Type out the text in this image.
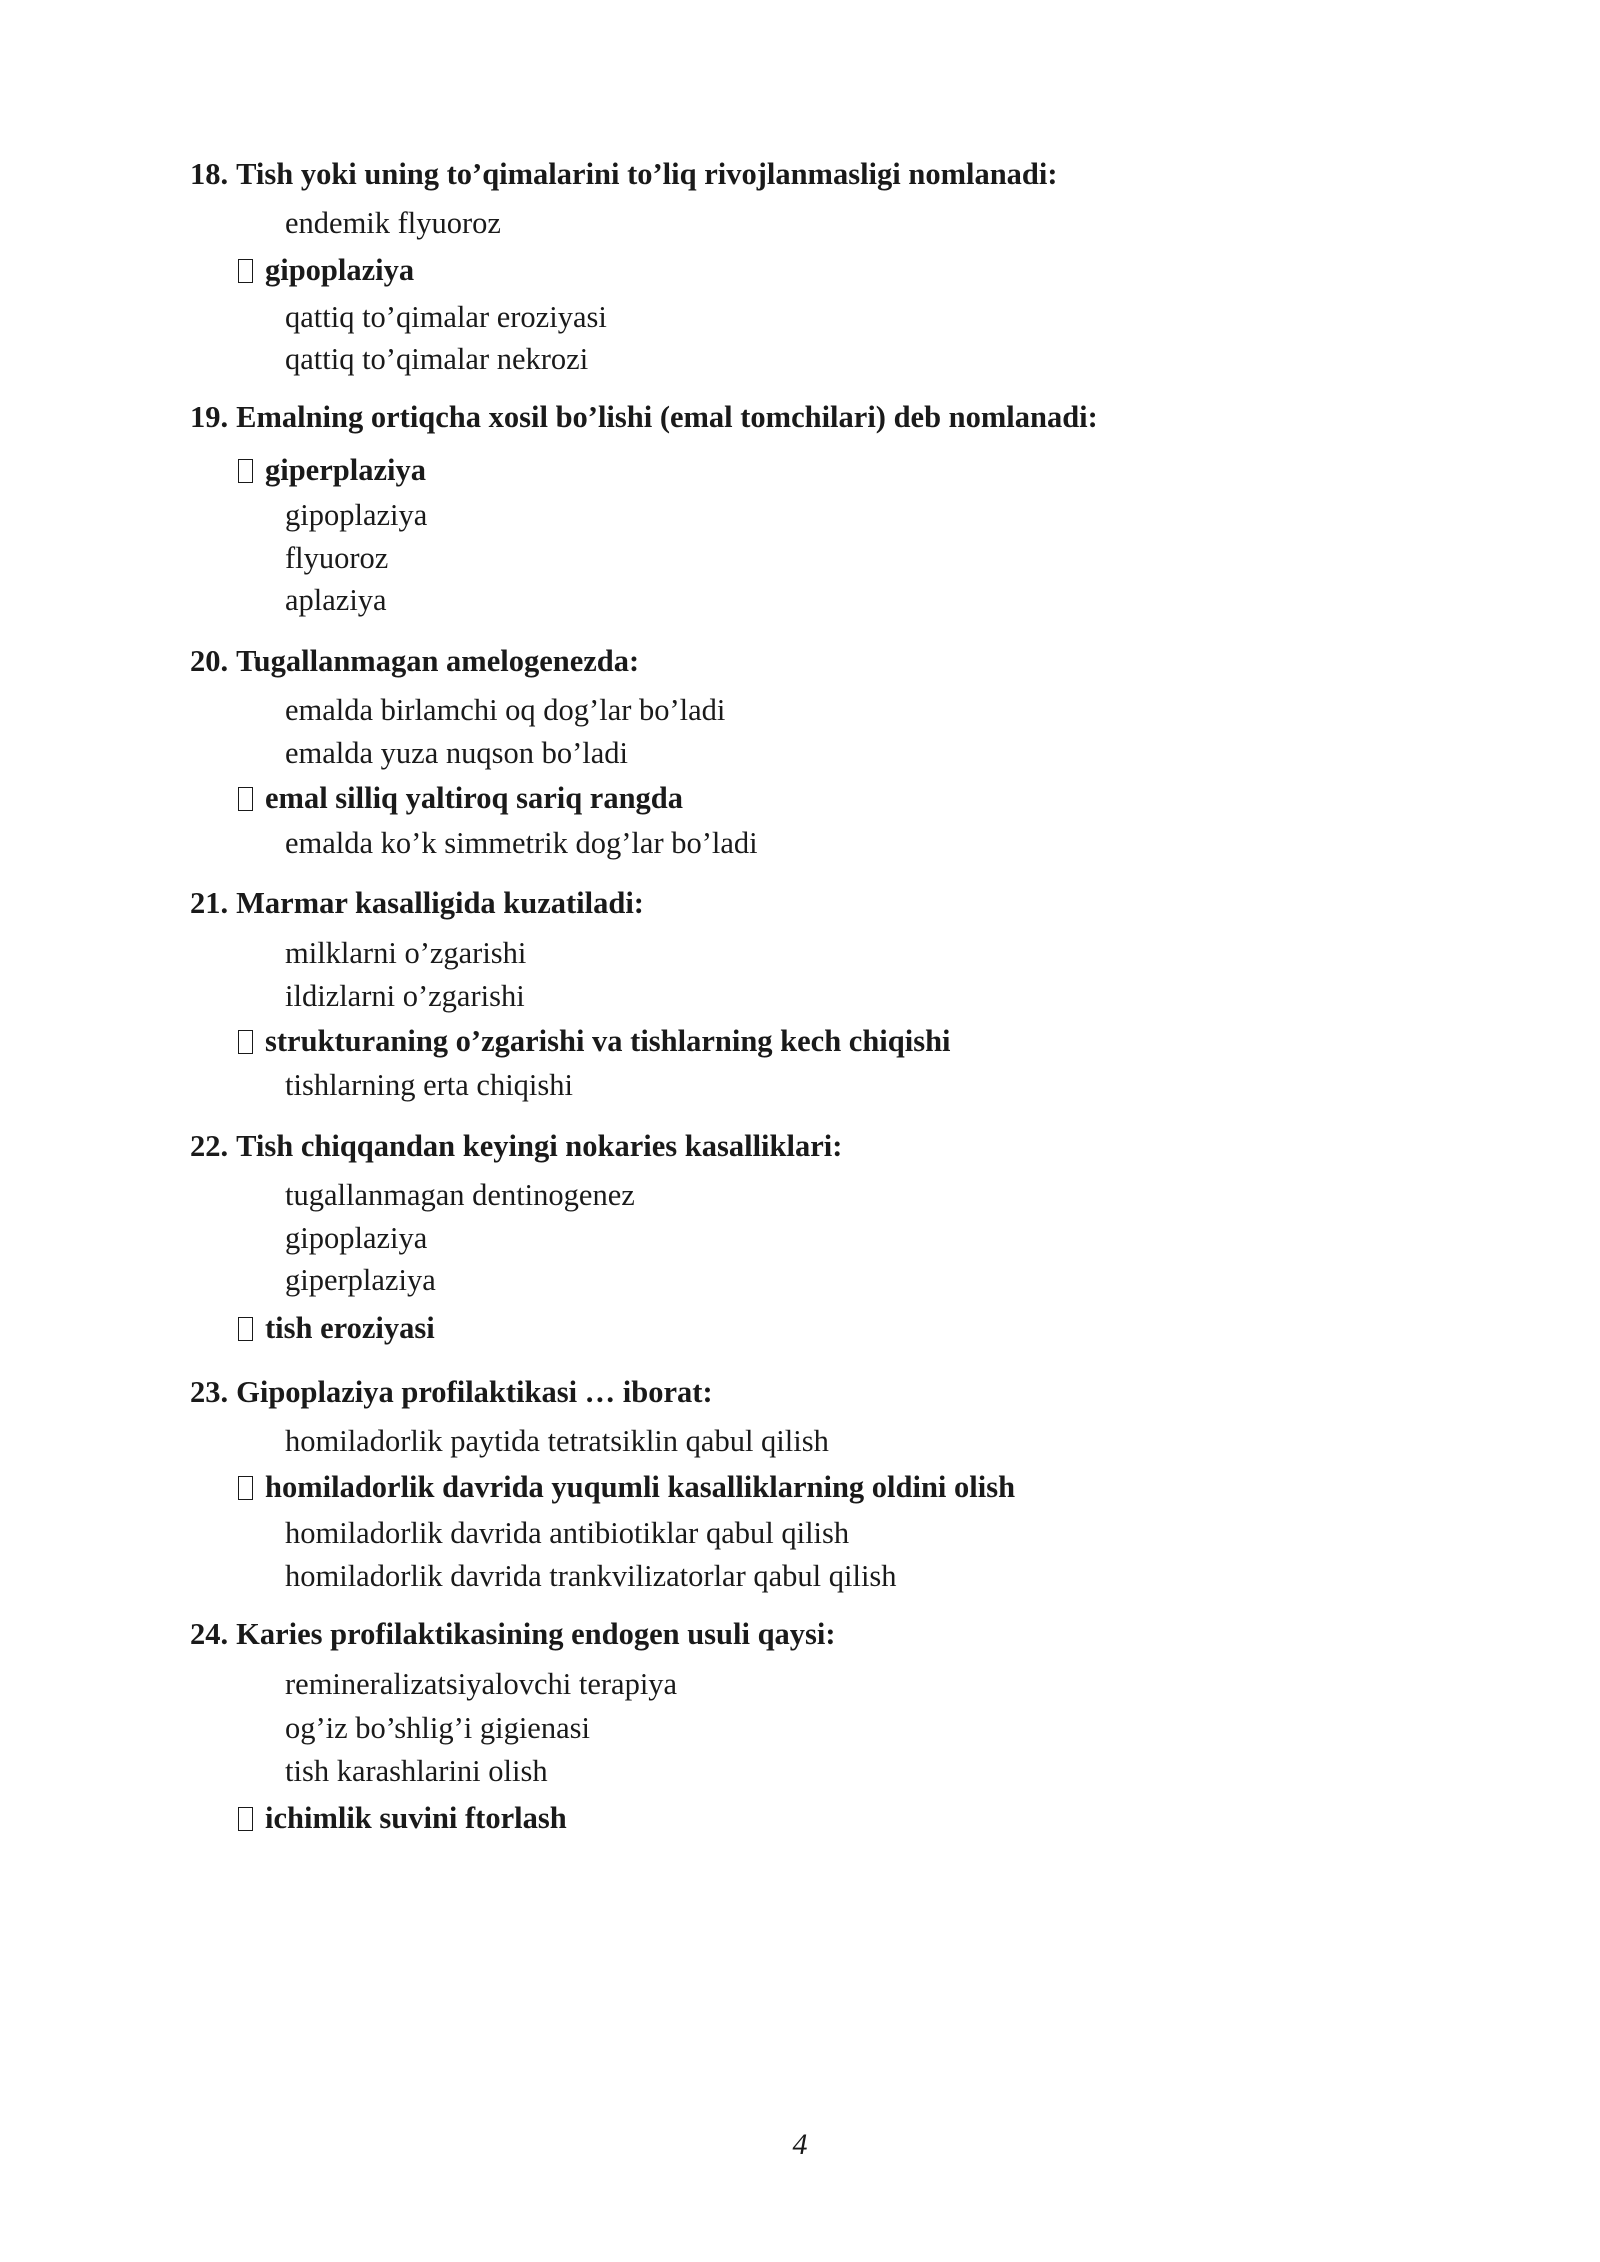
18. Tish yoki uning to’qimalarini to’liq rivojlanmasligi nomlanadi:
endemik flyuoroz
gipoplaziya
qattiq to’qimalar eroziyasi
qattiq to’qimalar nekrozi
19. Emalning ortiqcha xosil bo’lishi (emal tomchilari) deb nomlanadi:
giperplaziya
gipoplaziya
flyuoroz
aplaziya
20. Tugallanmagan amelogenezda:
emalda birlamchi oq dog’lar bo’ladi
emalda yuza nuqson bo’ladi
emal silliq yaltiroq sariq rangda
emalda ko’k simmetrik dog’lar bo’ladi
21. Marmar kasalligida kuzatiladi:
milklarni o’zgarishi
ildizlarni o’zgarishi
strukturaning o’zgarishi va tishlarning kech chiqishi
tishlarning erta chiqishi
22. Tish chiqqandan keyingi nokaries kasalliklari:
tugallanmagan dentinogenez
gipoplaziya
giperplaziya
tish eroziyasi
23. Gipoplaziya profilaktikasi … iborat:
homiladorlik paytida tetratsiklin qabul qilish
homiladorlik davrida yuqumli kasalliklarning oldini olish
homiladorlik davrida antibiotiklar qabul qilish
homiladorlik davrida trankvilizatorlar qabul qilish
24. Karies profilaktikasining endogen usuli qaysi:
remineralizatsiyalovchi terapiya
og’iz bo’shlig’i gigienasi
tish karashlarini olish
ichimlik suvini ftorlash
4
